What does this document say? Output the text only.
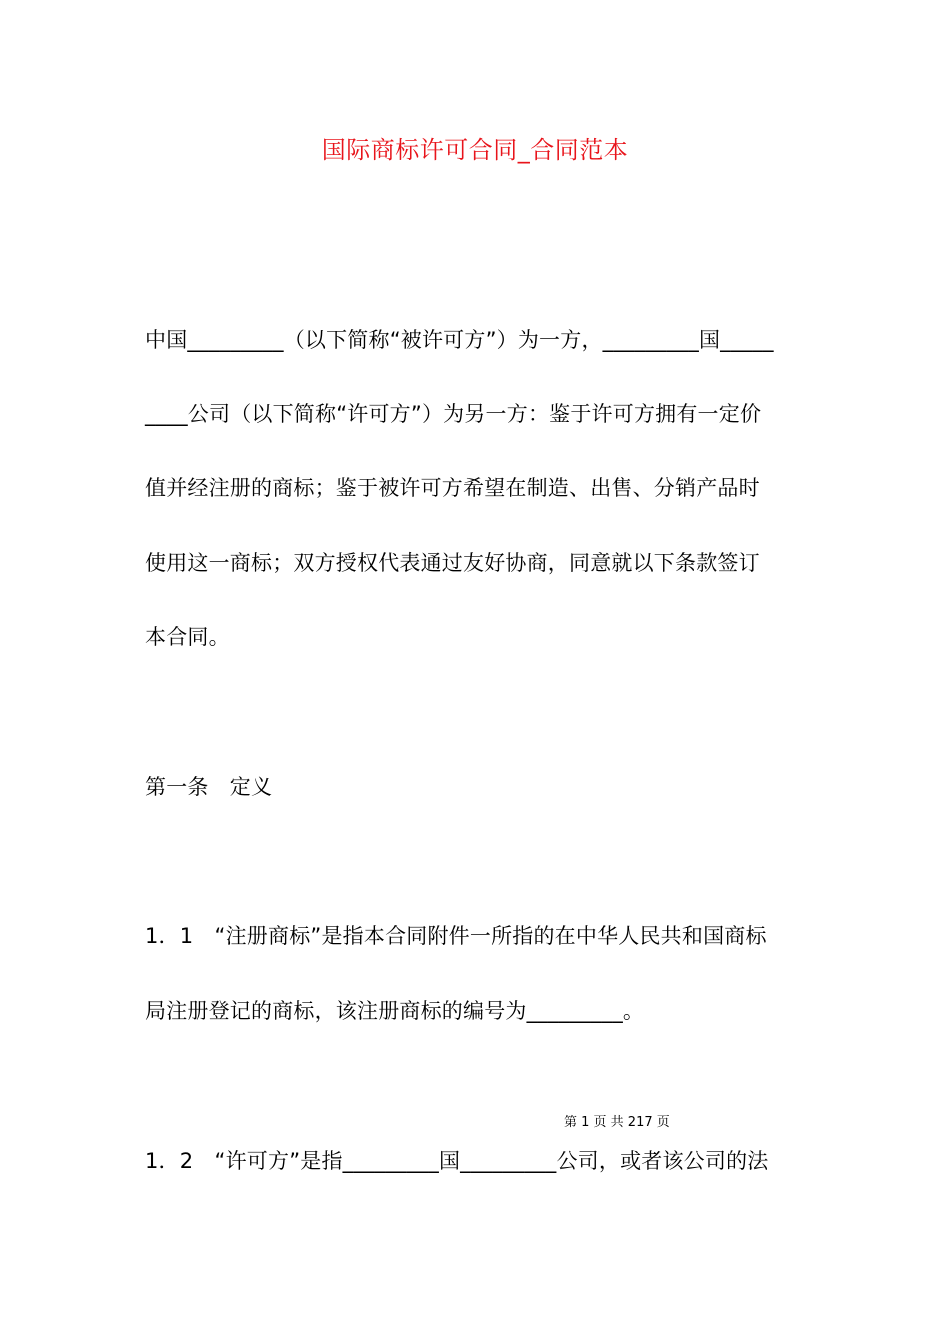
国际商标许可合同_合同范本
中国_________（以下简称“被许可方”）为一方，_________国_____
____公司（以下简称“许可方”）为另一方：鉴于许可方拥有一定价
值并经注册的商标；鉴于被许可方希望在制造、出售、分销产品时
使用这一商标；双方授权代表通过友好协商，同意就以下条款签订
本合同。
第一条　定义
1．1　“注册商标”是指本合同附件一所指的在中华人民共和国商标
局注册登记的商标，该注册商标的编号为_________。
第 1 页 共 217 页
1．2　“许可方”是指_________国_________公司，或者该公司的法
